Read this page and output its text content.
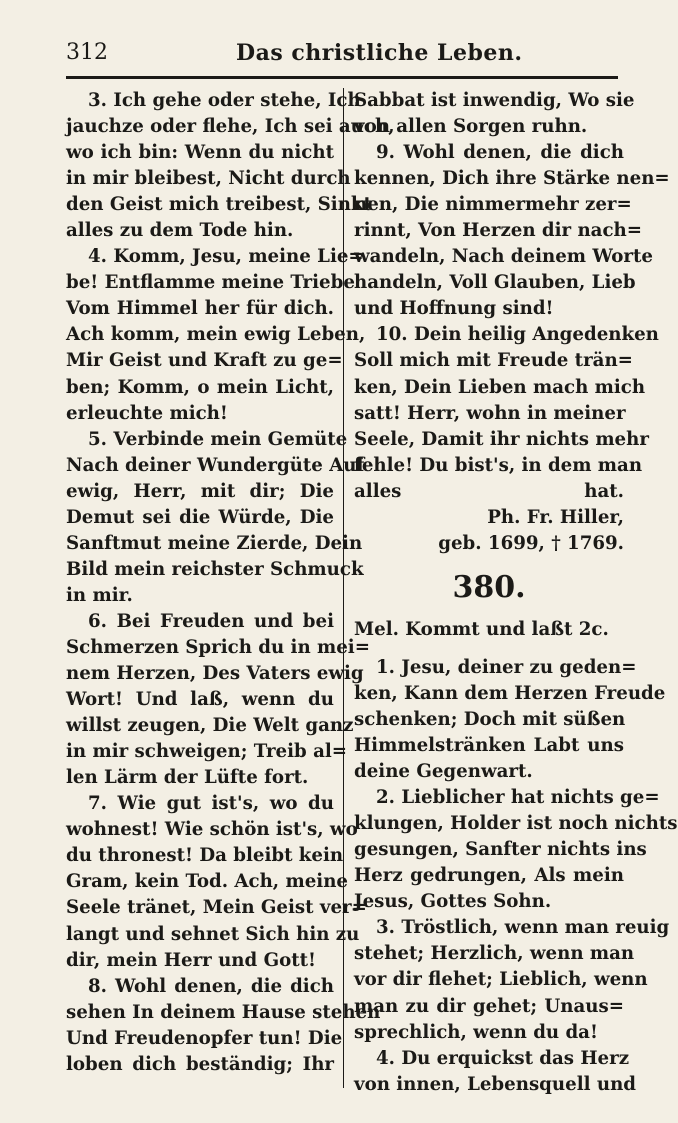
312	Das christliche Leben.
3. Ich gehe oder stehe, Ich
jauchze oder flehe, Ich sei auch,
wo ich bin: Wenn du nicht
in mir bleibest, Nicht durch
den Geist mich treibest, Sinkt
alles zu dem Tode hin.
4. Komm, Jesu, meine Lie=
be! Entflamme meine Triebe
Vom Himmel her für dich.
Ach komm, mein ewig Leben,
Mir Geist und Kraft zu ge=
ben; Komm, o mein Licht,
erleuchte mich!
5. Verbinde mein Gemüte
Nach deiner Wundergüte Auf
ewig, Herr, mit dir; Die
Demut sei die Würde, Die
Sanftmut meine Zierde, Dein
Bild mein reichster Schmuck
in mir.
6. Bei Freuden und bei
Schmerzen Sprich du in mei=
nem Herzen, Des Vaters ewig
Wort! Und laß, wenn du
willst zeugen, Die Welt ganz
in mir schweigen; Treib al=
len Lärm der Lüfte fort.
7. Wie gut ist's, wo du
wohnest! Wie schön ist's, wo
du thronest! Da bleibt kein
Gram, kein Tod. Ach, meine
Seele tränet, Mein Geist ver=
langt und sehnet Sich hin zu
dir, mein Herr und Gott!
8. Wohl denen, die dich
sehen In deinem Hause stehen
Und Freudenopfer tun! Die
loben dich beständig; Ihr
Sabbat ist inwendig, Wo sie
von allen Sorgen ruhn.
9. Wohl denen, die dich
kennen, Dich ihre Stärke nen=
nen, Die nimmermehr zer=
rinnt, Von Herzen dir nach=
wandeln, Nach deinem Worte
handeln, Voll Glauben, Lieb
und Hoffnung sind!
10. Dein heilig Angedenken
Soll mich mit Freude trän=
ken, Dein Lieben mach mich
satt! Herr, wohn in meiner
Seele, Damit ihr nichts mehr
fehle! Du bist's, in dem man
alles hat.
Ph. Fr. Hiller,
geb. 1699, † 1769.
380.
Mel. Kommt und laßt 2c.
1. Jesu, deiner zu geden=
ken, Kann dem Herzen Freude
schenken; Doch mit süßen
Himmelstränken Labt uns
deine Gegenwart.
2. Lieblicher hat nichts ge=
klungen, Holder ist noch nichts
gesungen, Sanfter nichts ins
Herz gedrungen, Als mein
Jesus, Gottes Sohn.
3. Tröstlich, wenn man reuig
stehet; Herzlich, wenn man
vor dir flehet; Lieblich, wenn
man zu dir gehet; Unaus=
sprechlich, wenn du da!
4. Du erquickst das Herz
von innen, Lebensquell und
